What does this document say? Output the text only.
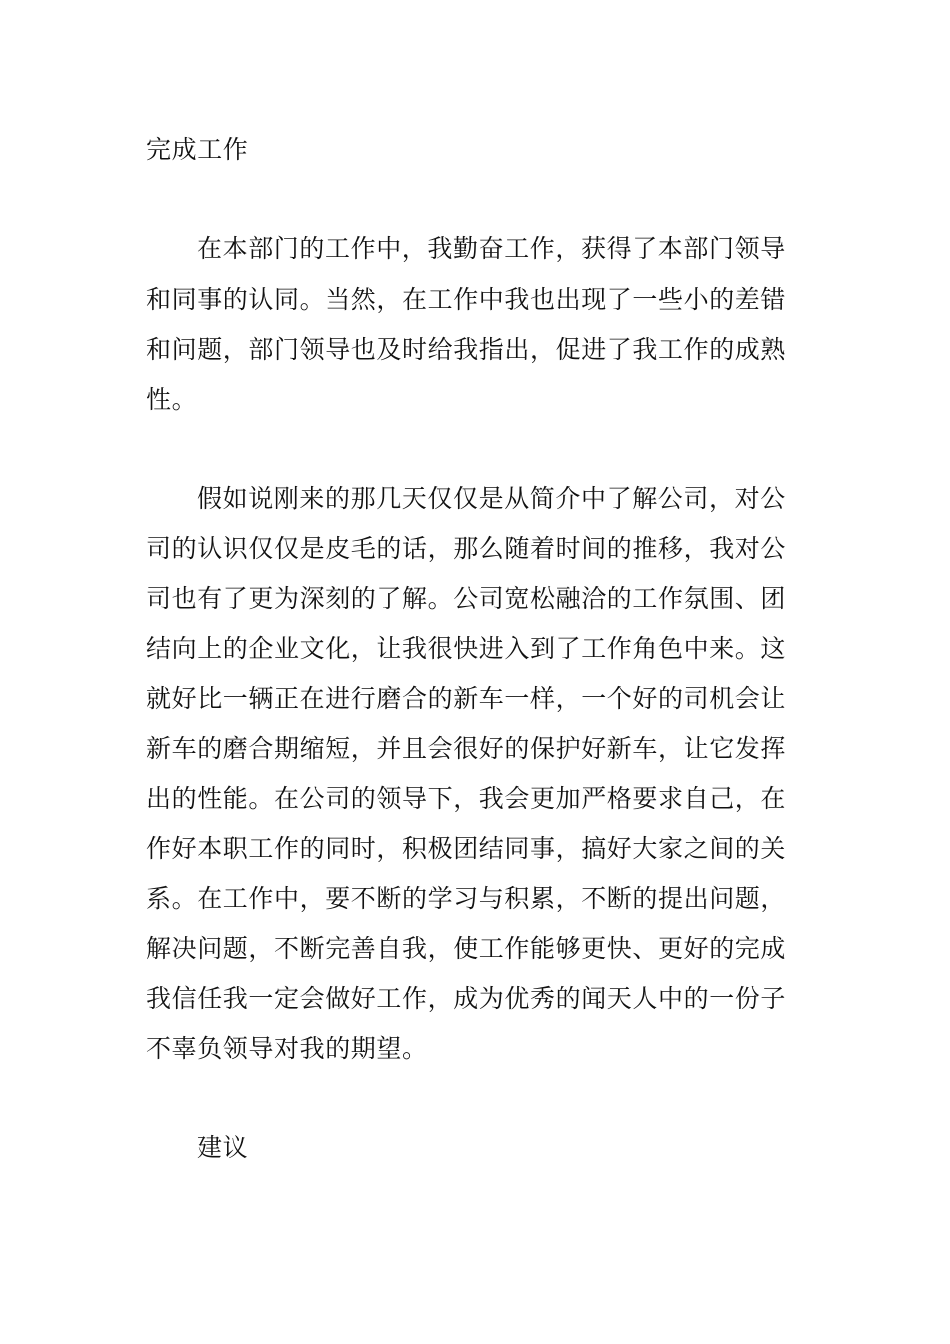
完成工作
在本部门的工作中，我勤奋工作，获得了本部门领导
和同事的认同。当然，在工作中我也出现了一些小的差错
和问题，部门领导也及时给我指出，促进了我工作的成熟
性。
假如说刚来的那几天仅仅是从简介中了解公司，对公
司的认识仅仅是皮毛的话，那么随着时间的推移，我对公
司也有了更为深刻的了解。公司宽松融洽的工作氛围、团
结向上的企业文化，让我很快进入到了工作角色中来。这
就好比一辆正在进行磨合的新车一样，一个好的司机会让
新车的磨合期缩短，并且会很好的保护好新车，让它发挥
出的性能。在公司的领导下，我会更加严格要求自己，在
作好本职工作的同时，积极团结同事，搞好大家之间的关
系。在工作中，要不断的学习与积累，不断的提出问题，
解决问题，不断完善自我，使工作能够更快、更好的完成
我信任我一定会做好工作，成为优秀的闻天人中的一份子
不辜负领导对我的期望。
建议
